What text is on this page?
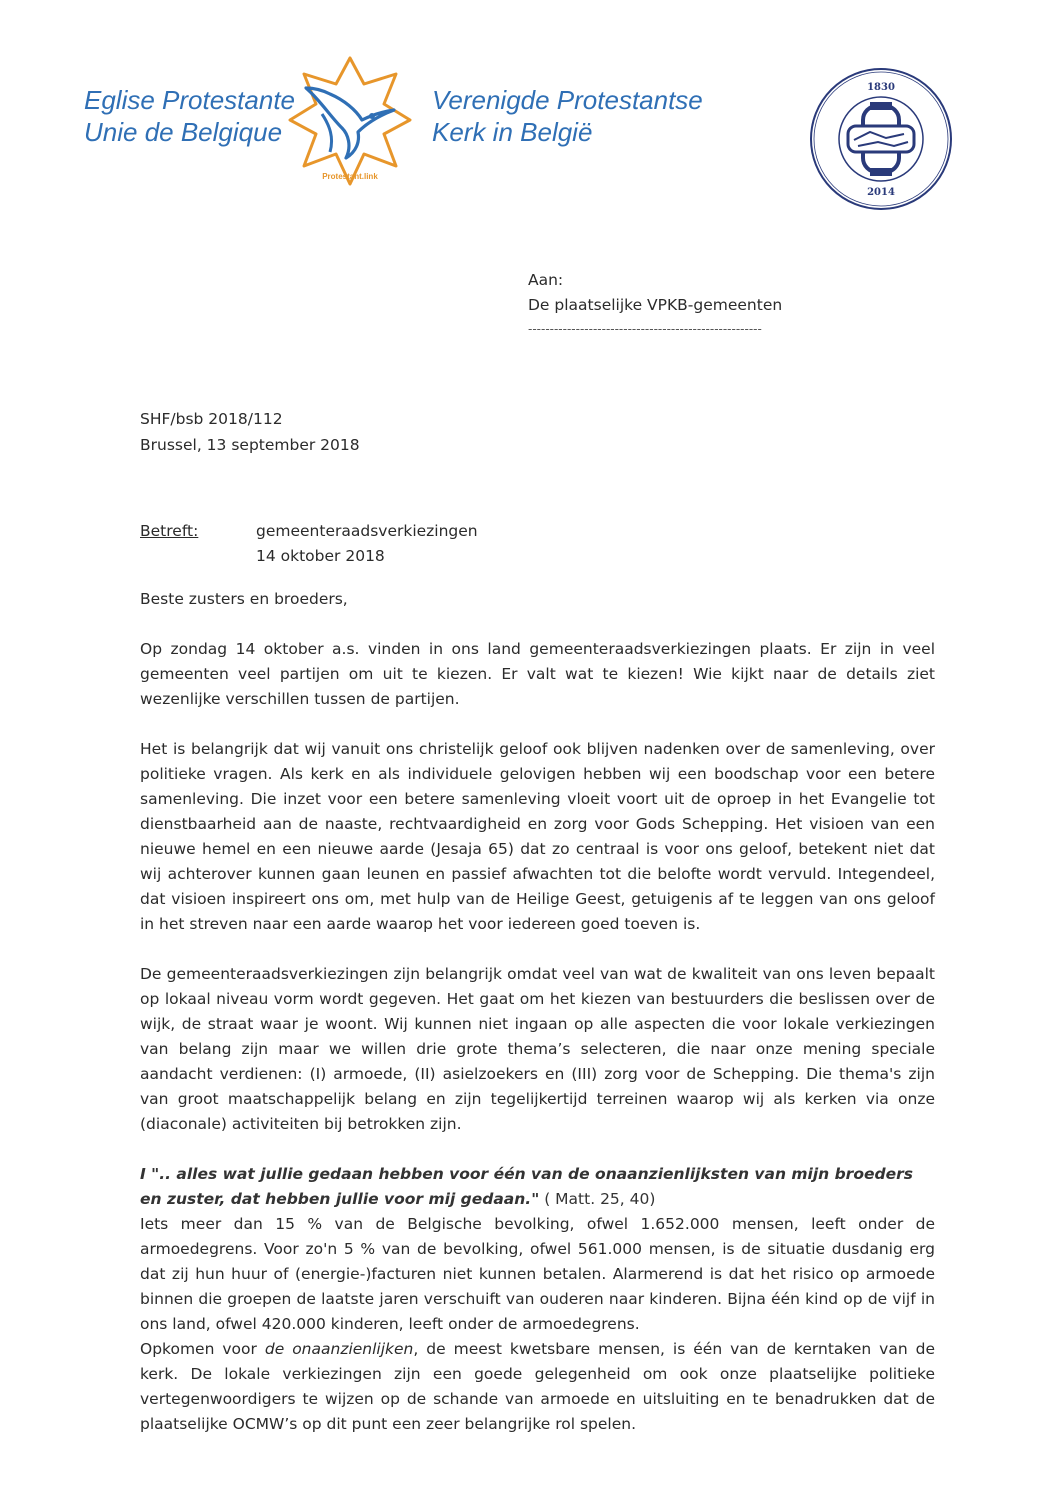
Eglise Protestante
Unie de Belgique
Protestant.link
Verenigde Protestantse
Kerk in België
1830
2014
Aan:
De plaatselijke VPKB-gemeenten
------------------------------------------------------
SHF/bsb 2018/112
Brussel, 13 september 2018
Betreft:	gemeenteraadsverkiezingen
14 oktober 2018

Beste zusters en broeders,

Op zondag 14 oktober a.s. vinden in ons land gemeenteraadsverkiezingen plaats. Er zijn in veel gemeenten veel partijen om uit te kiezen. Er valt wat te kiezen! Wie kijkt naar de details ziet wezenlijke verschillen tussen de partijen.

Het is belangrijk dat wij vanuit ons christelijk geloof ook blijven nadenken over de samenleving, over politieke vragen. Als kerk en als individuele gelovigen hebben wij een boodschap voor een betere samenleving. Die inzet voor een betere samenleving vloeit voort uit de oproep in het Evangelie tot dienstbaarheid aan de naaste, rechtvaardigheid en zorg voor Gods Schepping. Het visioen van een nieuwe hemel en een nieuwe aarde (Jesaja 65) dat zo centraal is voor ons geloof, betekent niet dat wij achterover kunnen gaan leunen en passief afwachten tot die belofte wordt vervuld. Integendeel, dat visioen inspireert ons om, met hulp van de Heilige Geest, getuigenis af te leggen van ons geloof in het streven naar een aarde waarop het voor iedereen goed toeven is.

De gemeenteraadsverkiezingen zijn belangrijk omdat veel van wat de kwaliteit van ons leven bepaalt op lokaal niveau vorm wordt gegeven. Het gaat om het kiezen van bestuurders die beslissen over de wijk, de straat waar je woont. Wij kunnen niet ingaan op alle aspecten die voor lokale verkiezingen van belang zijn maar we willen drie grote thema’s selecteren, die naar onze mening speciale aandacht verdienen: (I) armoede, (II) asielzoekers en (III) zorg voor de Schepping. Die thema's zijn van groot maatschappelijk belang en zijn tegelijkertijd terreinen waarop wij als kerken via onze (diaconale) activiteiten bij betrokken zijn.

I ".. alles wat jullie gedaan hebben voor één van de onaanzienlijksten van mijn broeders en zuster, dat hebben jullie voor mij gedaan." ( Matt. 25, 40)

Iets meer dan 15 % van de Belgische bevolking, ofwel 1.652.000 mensen, leeft onder de armoedegrens. Voor zo'n 5 % van de bevolking, ofwel 561.000 mensen, is de situatie dusdanig erg dat zij hun huur of (energie-)facturen niet kunnen betalen. Alarmerend is dat het risico op armoede binnen die groepen de laatste jaren verschuift van ouderen naar kinderen. Bijna één kind op de vijf in ons land, ofwel 420.000 kinderen, leeft onder de armoedegrens.

Opkomen voor de onaanzienlijken, de meest kwetsbare mensen, is één van de kerntaken van de kerk. De lokale verkiezingen zijn een goede gelegenheid om ook onze plaatselijke politieke vertegenwoordigers te wijzen op de schande van armoede en uitsluiting en te benadrukken dat de plaatselijke OCMW’s op dit punt een zeer belangrijke rol spelen.
